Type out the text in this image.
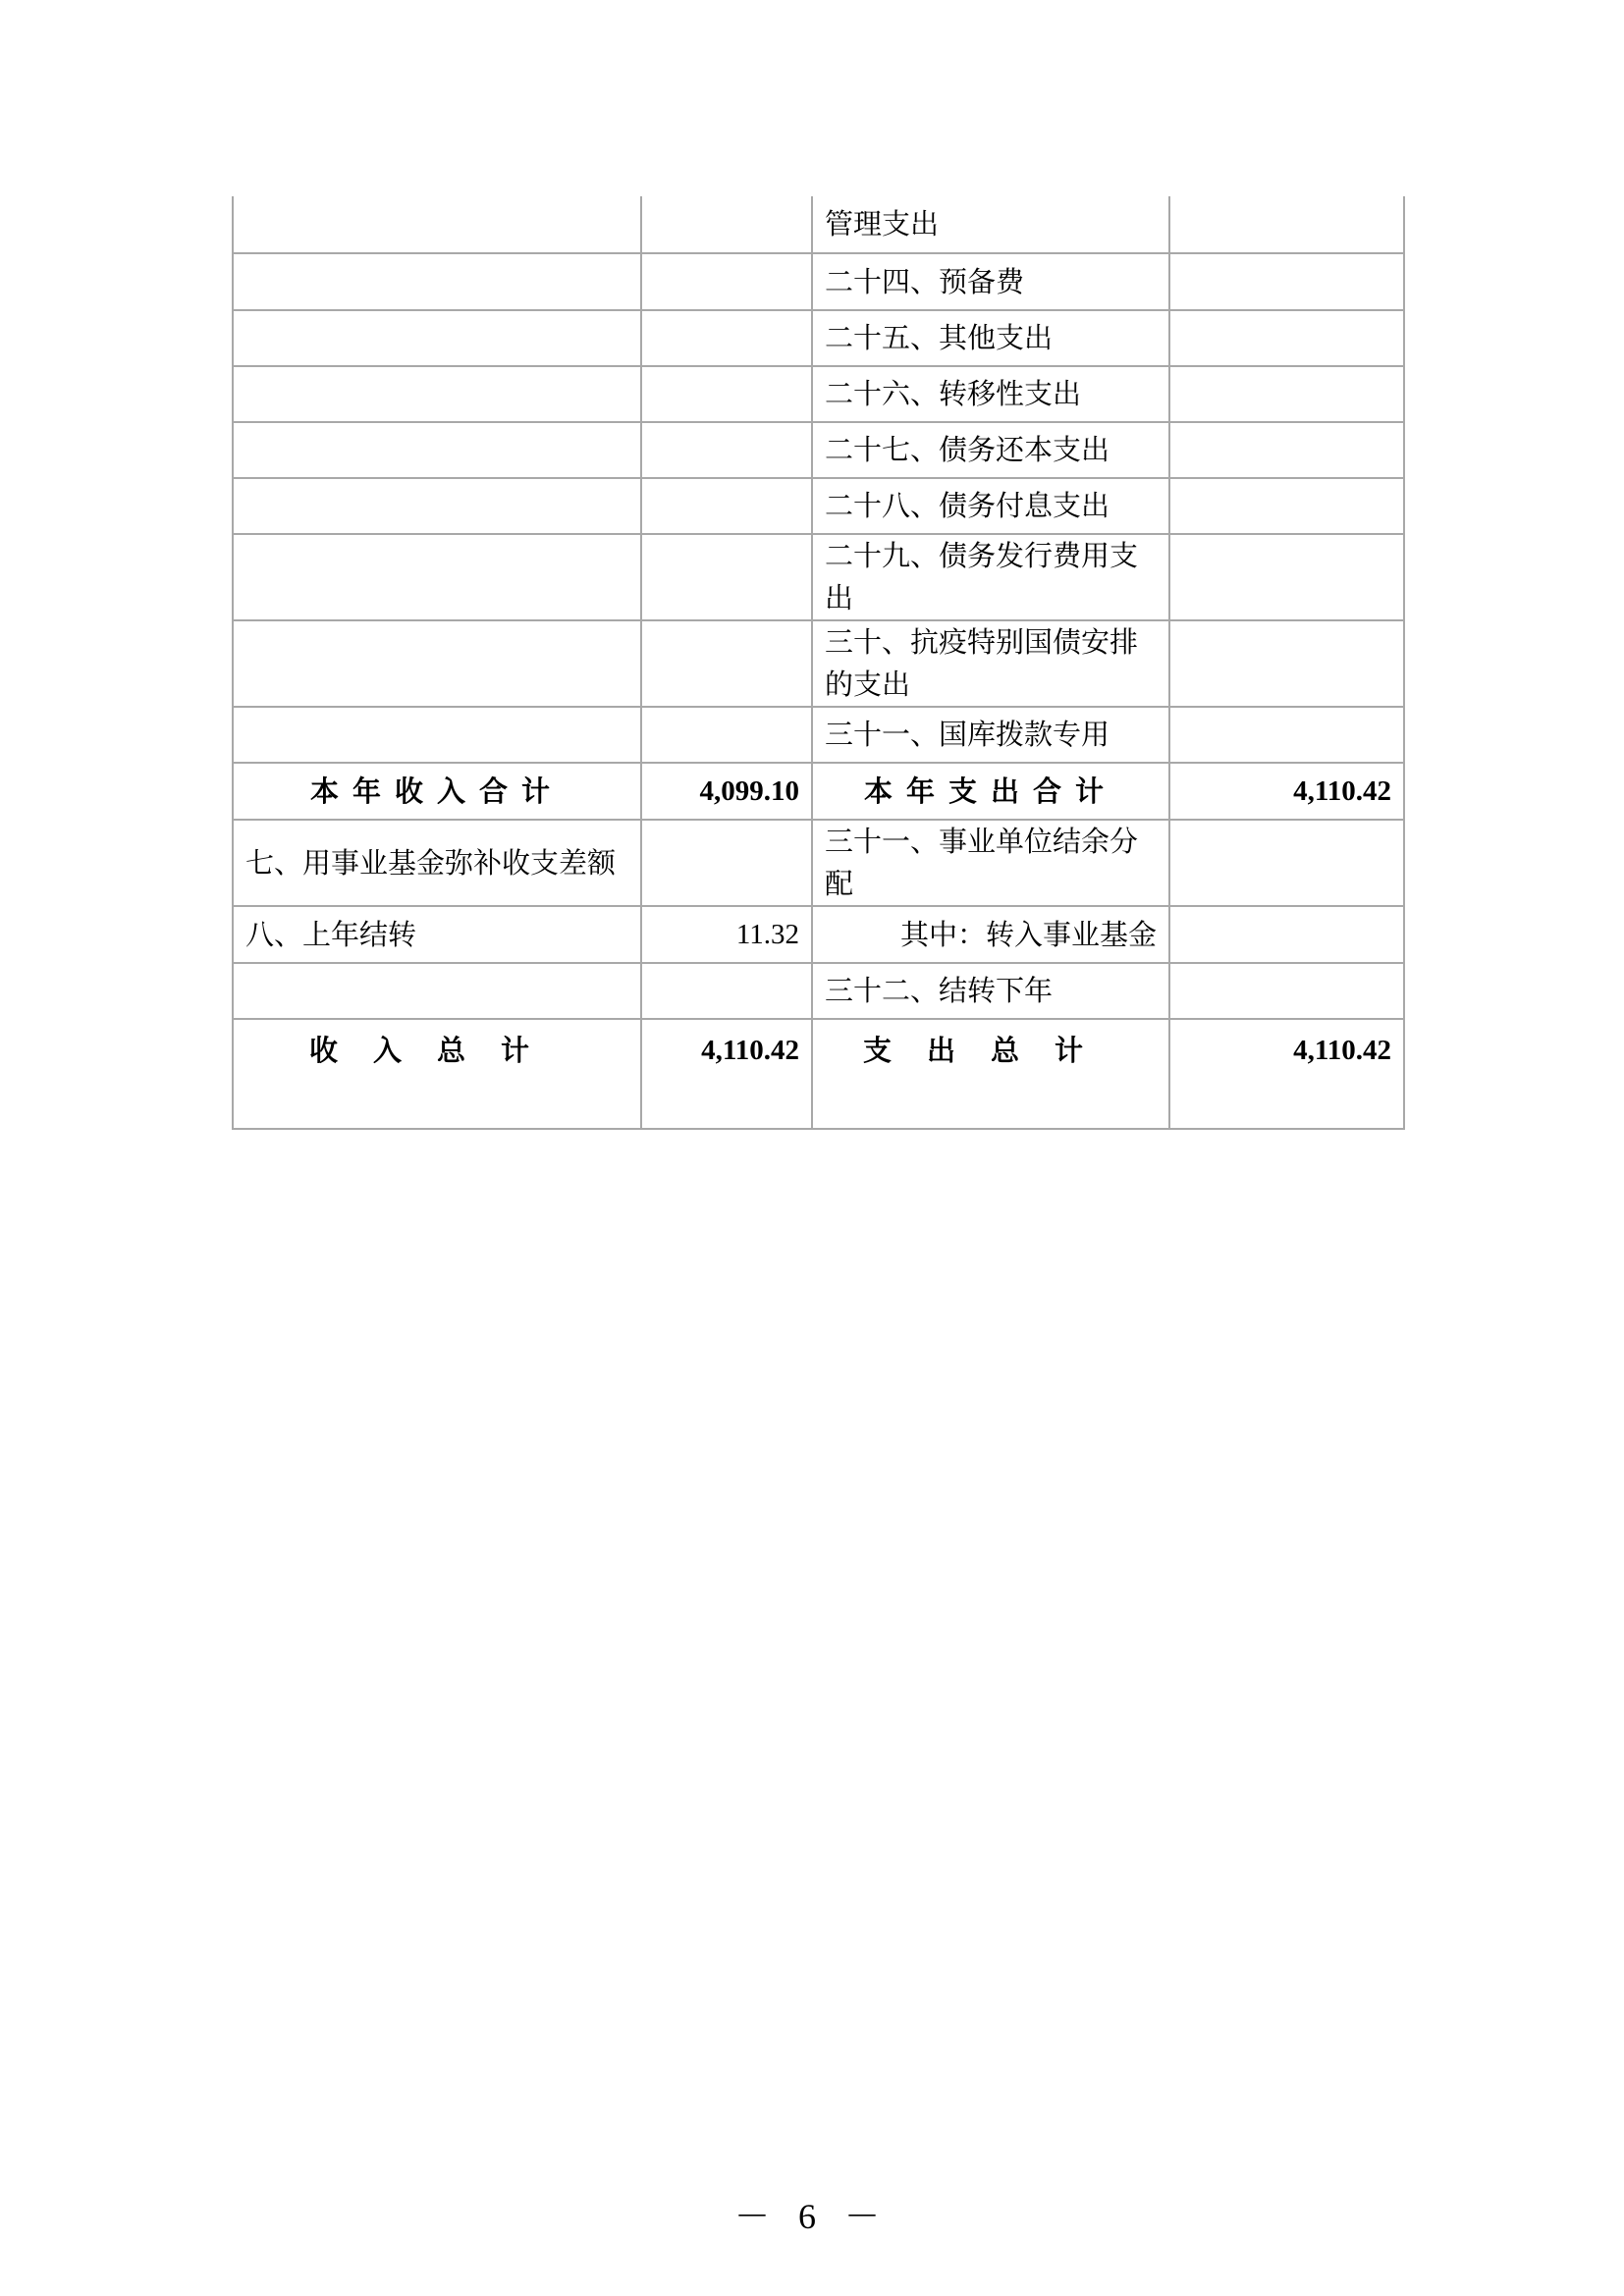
		管理支出	
		二十四、预备费	
		二十五、其他支出	
		二十六、转移性支出	
		二十七、债务还本支出	
		二十八、债务付息支出	
		二十九、债务发行费用支出	
		三十、抗疫特别国债安排的支出	
		三十一、国库拨款专用	
本年收入合计	4,099.10	本年支出合计	4,110.42
七、用事业基金弥补收支差额		三十一、事业单位结余分配	
八、上年结转	11.32	其中：转入事业基金	
		三十二、结转下年	
收入总计	4,110.42	支出总计	4,110.42
－ 6 －
